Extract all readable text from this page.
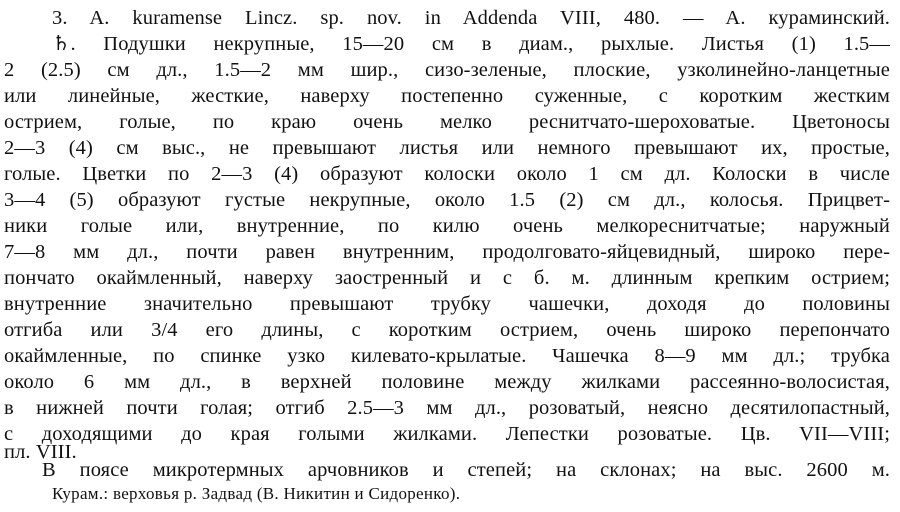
3. A. kuramense Lincz. sp. nov. in Addenda VIII, 480. — A. кураминский.
♄. Подушки некрупные, 15—20 см в диам., рыхлые. Листья (1) 1.5—
2 (2.5) см дл., 1.5—2 мм шир., сизо-зеленые, плоские, узколинейно-ланцетные
или линейные, жесткие, наверху постепенно суженные, с коротким жестким
острием, голые, по краю очень мелко реснитчато-шероховатые. Цветоносы
2—3 (4) см выс., не превышают листья или немного превышают их, простые,
голые. Цветки по 2—3 (4) образуют колоски около 1 см дл. Колоски в числе
3—4 (5) образуют густые некрупные, около 1.5 (2) см дл., колосья. Прицвет-
ники голые или, внутренние, по килю очень мелкореснитчатые; наружный
7—8 мм дл., почти равен внутренним, продолговато-яйцевидный, широко пере-
пончато окаймленный, наверху заостренный и с б. м. длинным крепким острием;
внутренние значительно превышают трубку чашечки, доходя до половины
отгиба или 3/4 его длины, с коротким острием, очень широко перепончато
окаймленные, по спинке узко килевато-крылатые. Чашечка 8—9 мм дл.; трубка
около 6 мм дл., в верхней половине между жилками рассеянно-волосистая,
в нижней почти голая; отгиб 2.5—3 мм дл., розоватый, неясно десятилопастный,
с доходящими до края голыми жилками. Лепестки розоватые. Цв. VII—VIII;
пл. VIII.
В поясе микротермных арчовников и степей; на склонах; на выс. 2600 м.
Курам.: верховья р. Задвад (В. Никитин и Сидоренко).
